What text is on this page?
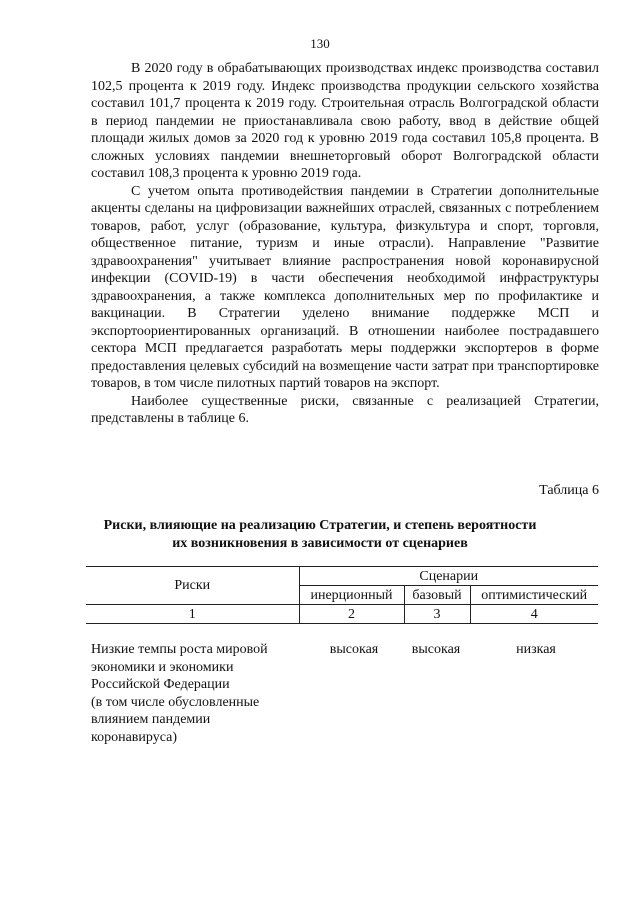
130

В 2020 году в обрабатывающих производствах индекс производства составил 102,5 процента к 2019 году. Индекс производства продукции сельского хозяйства составил 101,7 процента к 2019 году. Строительная отрасль Волгоградской области в период пандемии не приостанавливала свою работу, ввод в действие общей площади жилых домов за 2020 год к уровню 2019 года составил 105,8 процента. В сложных условиях пандемии внешнеторговый оборот Волгоградской области составил 108,3 процента к уровню 2019 года.

С учетом опыта противодействия пандемии в Стратегии дополнительные акценты сделаны на цифровизации важнейших отраслей, связанных с потреблением товаров, работ, услуг (образование, культура, физкультура и спорт, торговля, общественное питание, туризм и иные отрасли). Направление "Развитие здравоохранения" учитывает влияние распространения новой коронавирусной инфекции (COVID-19) в части обеспечения необходимой инфраструктуры здравоохранения, а также комплекса дополнительных мер по профилактике и вакцинации. В Стратегии уделено внимание поддержке МСП и экспортоориентированных организаций. В отношении наиболее пострадавшего сектора МСП предлагается разработать меры поддержки экспортеров в форме предоставления целевых субсидий на возмещение части затрат при транспортировке товаров, в том числе пилотных партий товаров на экспорт.

Наиболее существенные риски, связанные с реализацией Стратегии, представлены в таблице 6.

Таблица 6
Риски, влияющие на реализацию Стратегии, и степень вероятности
их возникновения в зависимости от сценариев
Риски	Сценарии		
	инерционный	базовый	оптимистический
1	2	3	4
Низкие темпы роста мировой
экономики и экономики
Российской Федерации
(в том числе обусловленные
влиянием пандемии
коронавируса)
высокая	высокая	низкая
